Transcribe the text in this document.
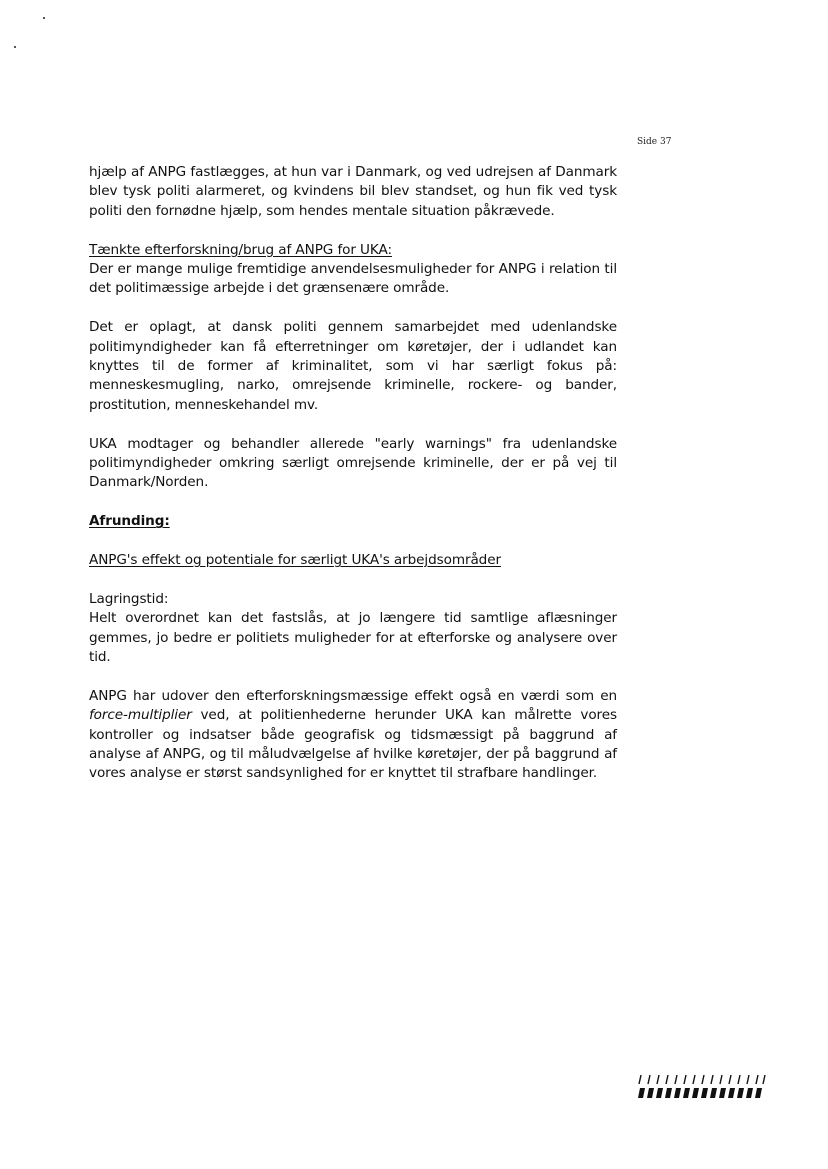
Side 37

hjælp af ANPG fastlægges, at hun var i Danmark, og ved udrejsen af Danmark blev tysk politi alarmeret, og kvindens bil blev standset, og hun fik ved tysk politi den fornødne hjælp, som hendes mentale situation påkrævede.

Tænkte efterforskning/brug af ANPG for UKA:

Der er mange mulige fremtidige anvendelsesmuligheder for ANPG i relation til det politimæssige arbejde i det grænsenære område.

Det er oplagt, at dansk politi gennem samarbejdet med udenlandske politimyndigheder kan få efterretninger om køretøjer, der i udlandet kan knyttes til de former af kriminalitet, som vi har særligt fokus på: menneskesmugling, narko, omrejsende kriminelle, rockere- og bander, prostitution, menneskehandel mv.

UKA modtager og behandler allerede "early warnings" fra udenlandske politimyndigheder omkring særligt omrejsende kriminelle, der er på vej til Danmark/Norden.

Afrunding:

ANPG's effekt og potentiale for særligt UKA's arbejdsområder

Lagringstid:

Helt overordnet kan det fastslås, at jo længere tid samtlige aflæsninger gemmes, jo bedre er politiets muligheder for at efterforske og analysere over tid.

ANPG har udover den efterforskningsmæssige effekt også en værdi som en force-multiplier ved, at politienhederne herunder UKA kan målrette vores kontroller og indsatser både geografisk og tidsmæssigt på baggrund af analyse af ANPG, og til måludvælgelse af hvilke køretøjer, der på baggrund af vores analyse er størst sandsynlighed for er knyttet til strafbare handlinger.
